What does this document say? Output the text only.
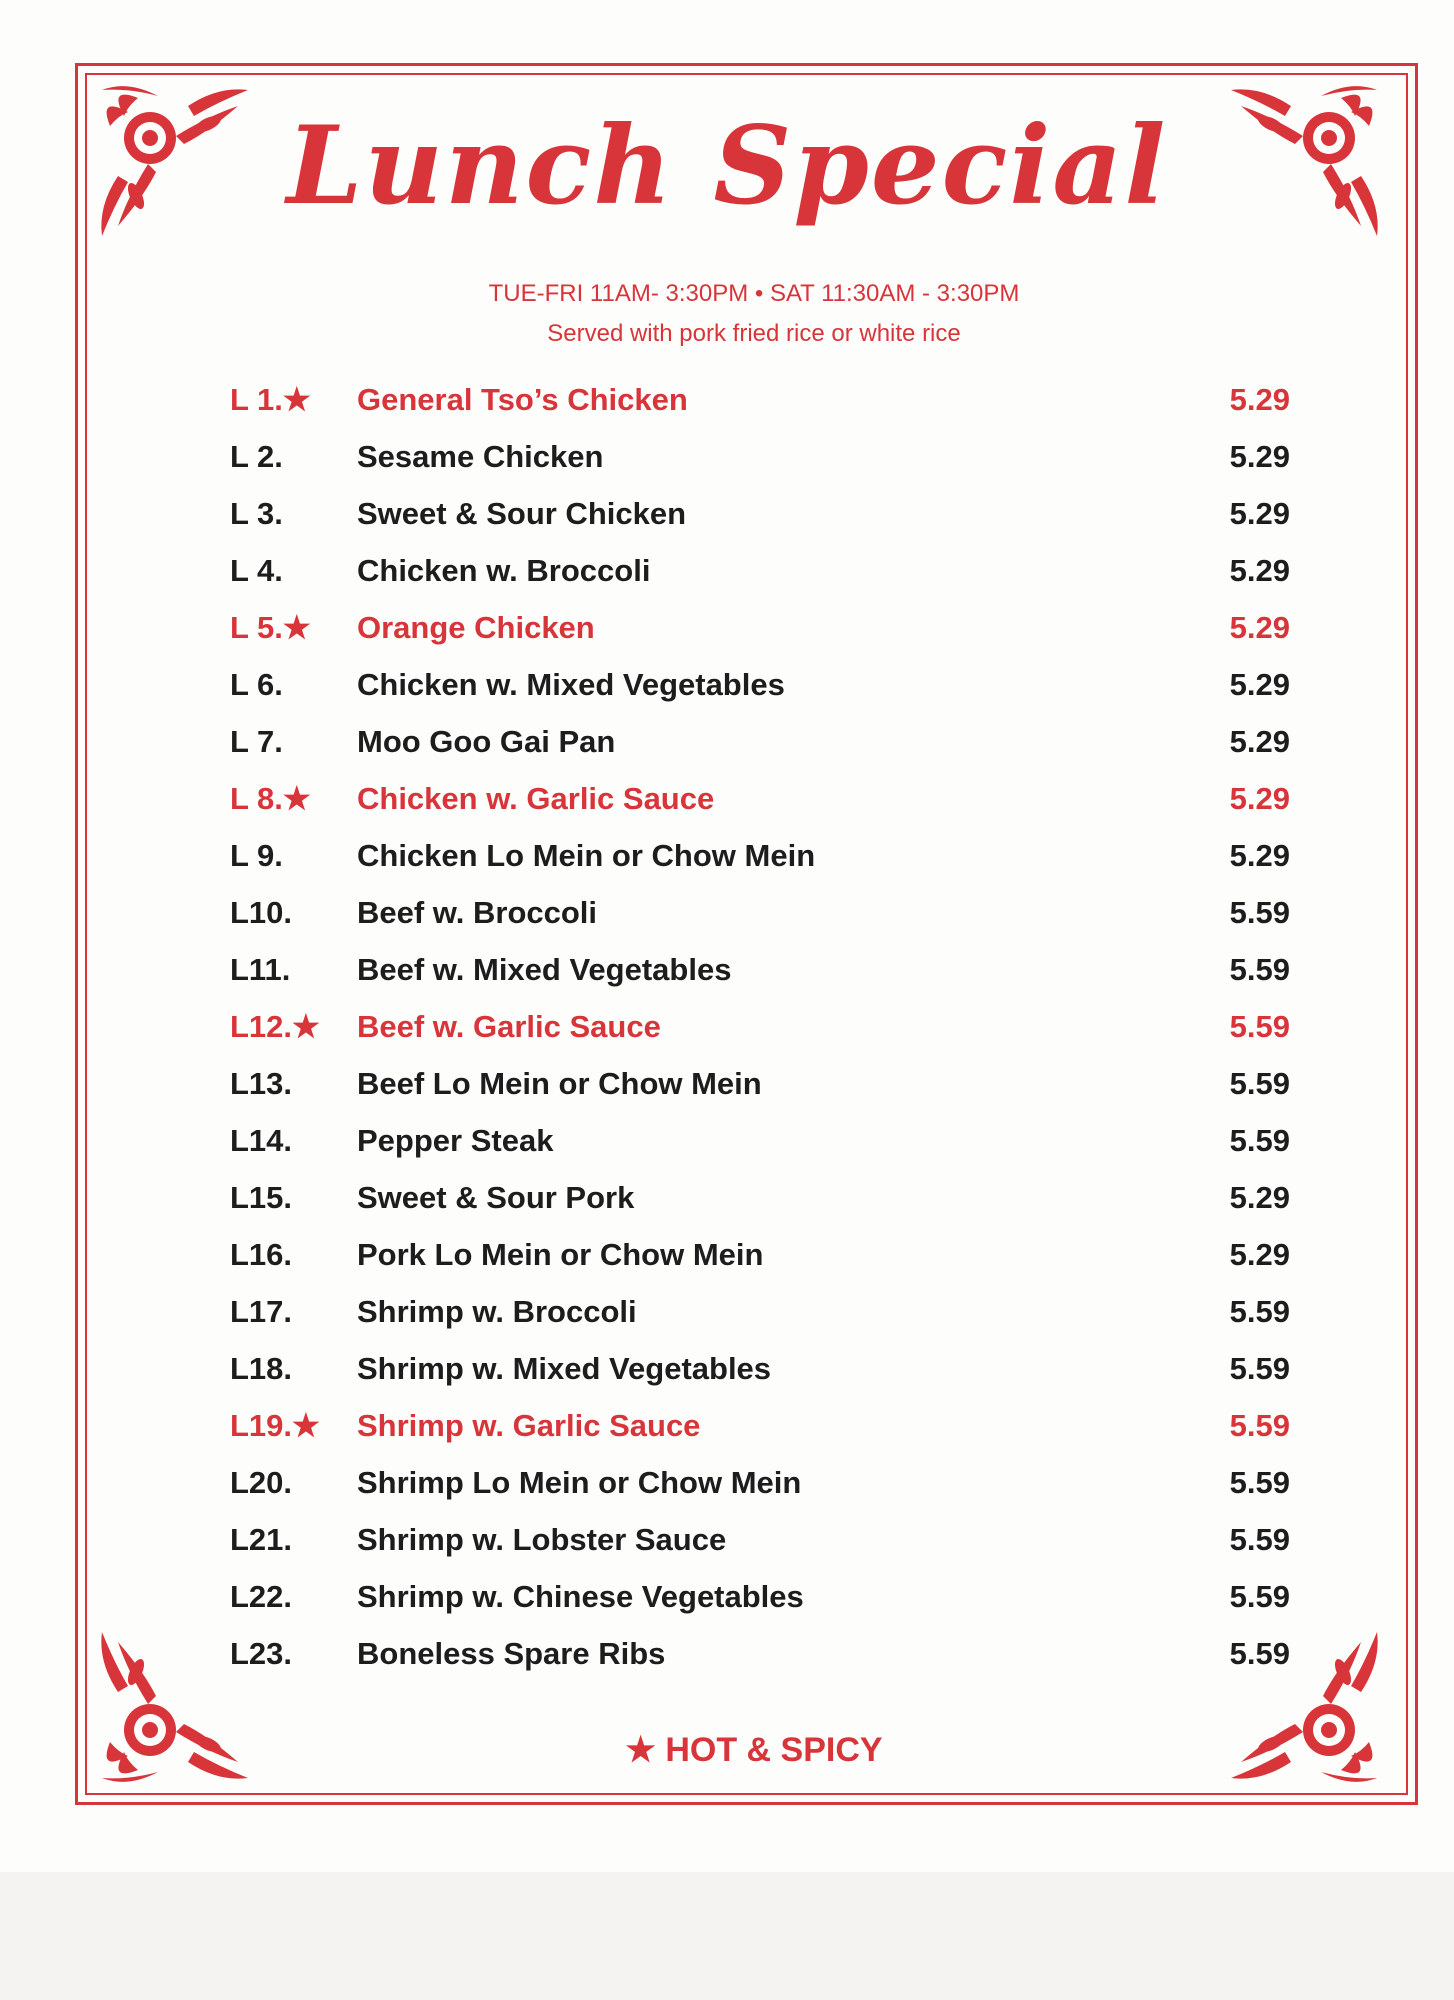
Lunch Special
TUE-FRI 11AM- 3:30PM • SAT 11:30AM - 3:30PM
Served with pork fried rice or white rice
L 1.★	General Tso’s Chicken	5.29
L 2.	Sesame Chicken	5.29
L 3.	Sweet & Sour Chicken	5.29
L 4.	Chicken w. Broccoli	5.29
L 5.★	Orange Chicken	5.29
L 6.	Chicken w. Mixed Vegetables	5.29
L 7.	Moo Goo Gai Pan	5.29
L 8.★	Chicken w. Garlic Sauce	5.29
L 9.	Chicken Lo Mein or Chow Mein	5.29
L10.	Beef w. Broccoli	5.59
L11.	Beef w. Mixed Vegetables	5.59
L12.★	Beef w. Garlic Sauce	5.59
L13.	Beef Lo Mein or Chow Mein	5.59
L14.	Pepper Steak	5.59
L15.	Sweet & Sour Pork	5.29
L16.	Pork Lo Mein or Chow Mein	5.29
L17.	Shrimp w. Broccoli	5.59
L18.	Shrimp w. Mixed Vegetables	5.59
L19.★	Shrimp w. Garlic Sauce	5.59
L20.	Shrimp Lo Mein or Chow Mein	5.59
L21.	Shrimp w. Lobster Sauce	5.59
L22.	Shrimp w. Chinese Vegetables	5.59
L23.	Boneless Spare Ribs	5.59
★ HOT & SPICY
